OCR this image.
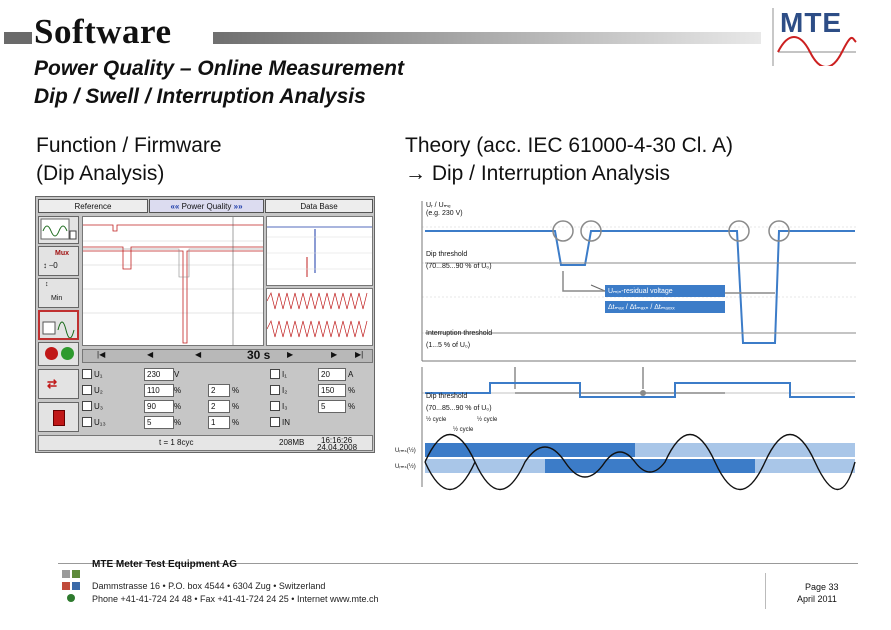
Software	MTE
Power Quality – Online Measurement
Dip / Swell / Interruption Analysis
Function / Firmware
(Dip Analysis)
Theory (acc. IEC 61000-4-30 Cl. A)
→ Dip / Interruption Analysis
Reference	«« Power Quality »»	Data Base
Mux
↕ ⎯0
Min
↕
⇄
|◀	◀	◀	30 s ▶	▶ ▶|
U₁	230	V	I₁	20	A
U₂	110	%	2	%	I₂	150	%
U₃	90	%	2	%	I₃	5	%
U₁₃	5	%	1	%	IN
t = 1 8cyc	208MB 16:16:26
24.04.2008
Uᵣ / Uₘₑ
(e.g. 230 V)
Dip threshold
(70...85...90 % of U₀)
Uₘᵢₙ-residual voltage
Δtₘₐₓ / Δtₘₐₓₙ / Δtₘₐₓₓₓ
Interruption threshold
(1...5 % of U₀)
Dip threshold
(70...85...90 % of U₀)
½ cycle
½ cycle
½ cycle
Uᵣₘₛ(½)
Uᵣₘₛ(½)
MTE Meter Test Equipment AG
Dammstrasse 16 • P.O. box 4544 • 6304 Zug • Switzerland
Phone +41-41-724 24 48 • Fax +41-41-724 24 25 • Internet www.mte.ch
Page 33
April 2011
